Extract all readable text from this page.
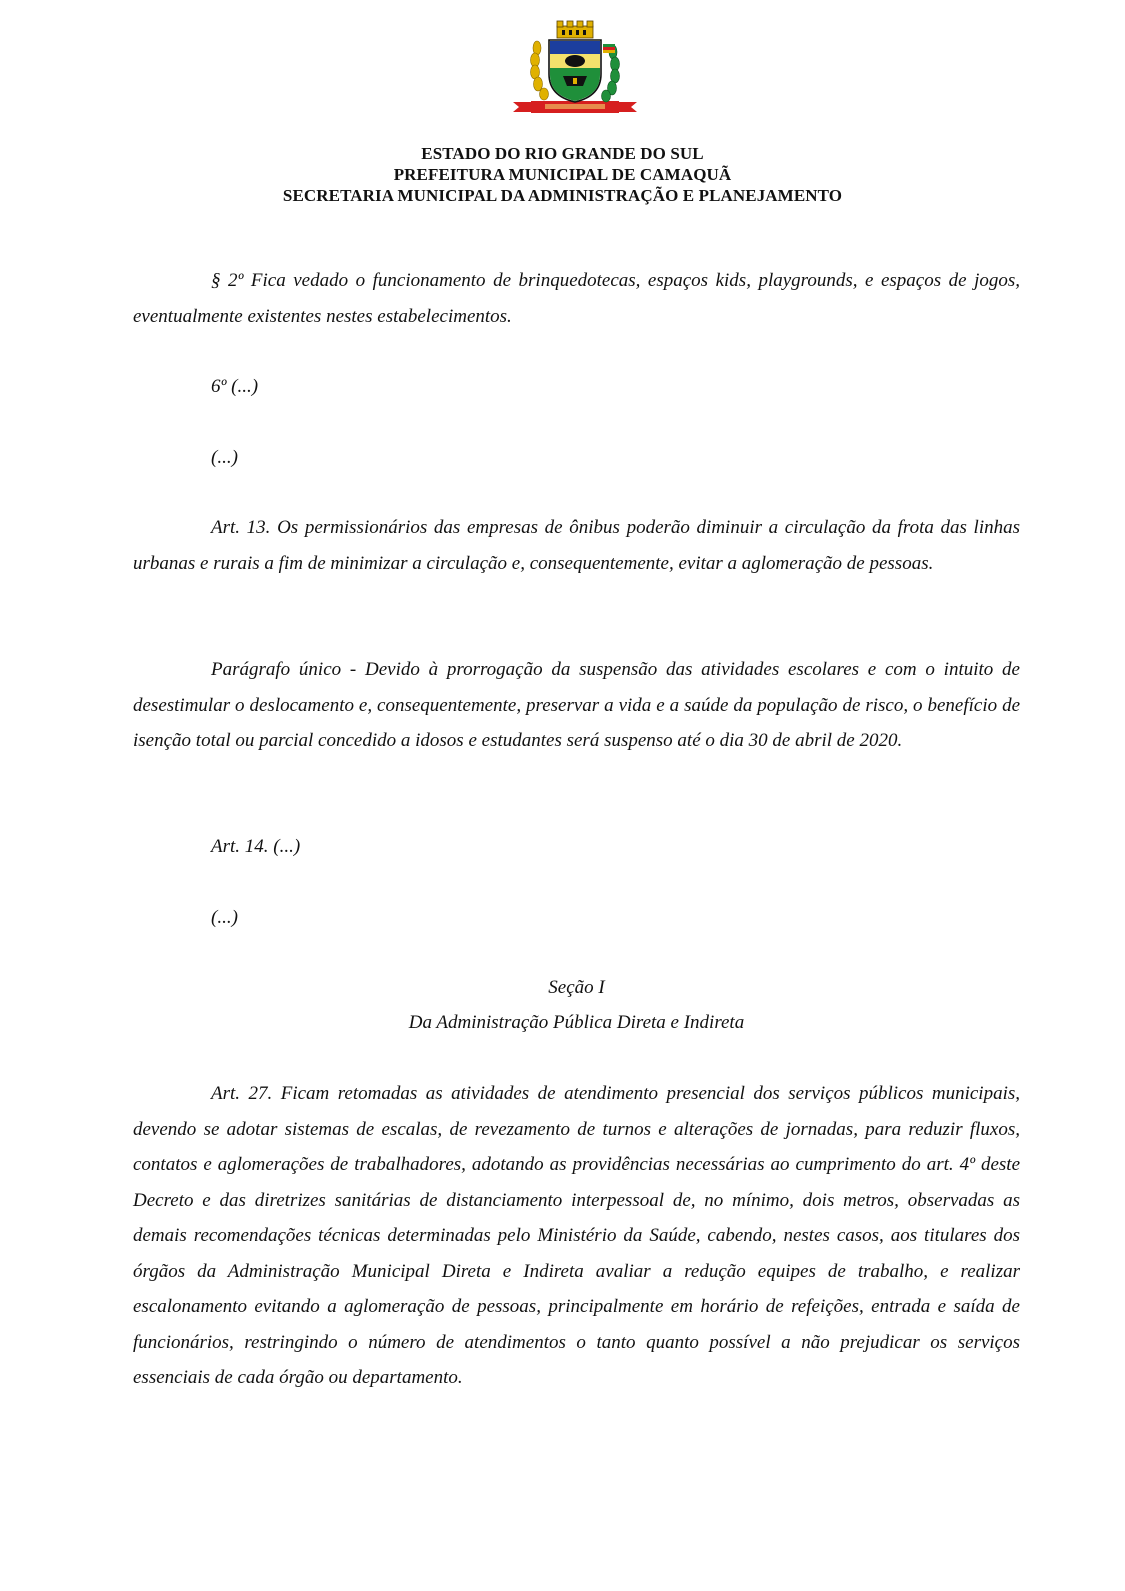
ESTADO DO RIO GRANDE DO SUL
PREFEITURA MUNICIPAL DE CAMAQUÃ
SECRETARIA MUNICIPAL DA ADMINISTRAÇÃO E PLANEJAMENTO

§ 2º Fica vedado o funcionamento de brinquedotecas, espaços kids, playgrounds, e espaços de jogos, eventualmente existentes nestes estabelecimentos.

6º (...)

(...)

Art. 13. Os permissionários das empresas de ônibus poderão diminuir a circulação da frota das linhas urbanas e rurais a fim de minimizar a circulação e, consequentemente, evitar a aglomeração de pessoas.

Parágrafo único - Devido à prorrogação da suspensão das atividades escolares e com o intuito de desestimular o deslocamento e, consequentemente, preservar a vida e a saúde da população de risco, o benefício de isenção total ou parcial concedido a idosos e estudantes será suspenso até o dia 30 de abril de 2020.

Art. 14. (...)

(...)

Seção I

Da Administração Pública Direta e Indireta

Art. 27. Ficam retomadas as atividades de atendimento presencial dos serviços públicos municipais, devendo se adotar sistemas de escalas, de revezamento de turnos e alterações de jornadas, para reduzir fluxos, contatos e aglomerações de trabalhadores, adotando as providências necessárias ao cumprimento do art. 4º deste Decreto e das diretrizes sanitárias de distanciamento interpessoal de, no mínimo, dois metros, observadas as demais recomendações técnicas determinadas pelo Ministério da Saúde, cabendo, nestes casos, aos titulares dos órgãos da Administração Municipal Direta e Indireta avaliar a redução equipes de trabalho, e realizar escalonamento evitando a aglomeração de pessoas, principalmente em horário de refeições, entrada e saída de funcionários, restringindo o número de atendimentos o tanto quanto possível a não prejudicar os serviços essenciais de cada órgão ou departamento.
